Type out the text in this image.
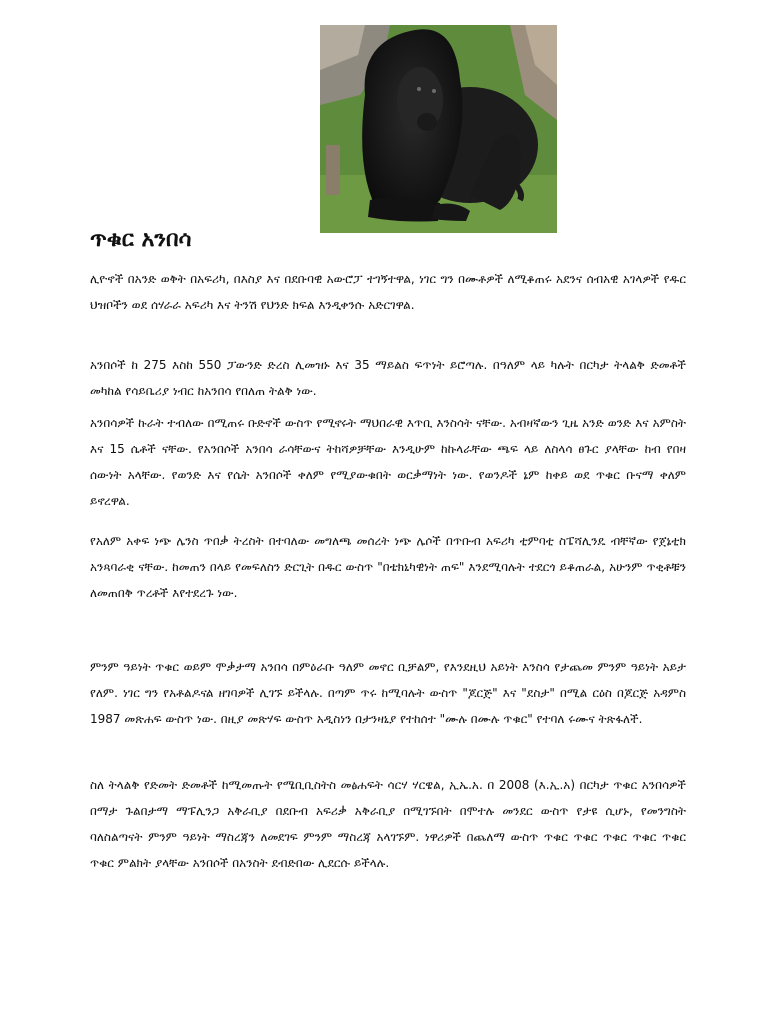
ጥቁር አንበሳ

ሊዮኖች በአንድ ወቅት በአፍሪካ, በእስያ እና በደቡባዊ አውሮፓ ተገኝተዋል, ነገር ግን በሙቶዎች ለሚቆጠሩ አደንና ሰብአዊ አገላዎች የዱር ህዝቦችን ወደ ሰሃራራ አፍሪካ እና ትንሽ የህንድ ክፍል እንዲቀንሱ አድርገዋል.

አንበሶች ከ 275 እስከ 550 ፓውንድ ድረስ ሊመዝኑ እና 35 ማይልስ ፍጥነት ይሮጣሉ. በዓለም ላይ ካሉት በርካታ ትላልቅ ድመቶች መካከል የሳይቤሪያ ነብር ከአንበሳ የበለጠ ትልቅ ነው.

አንበሳዎች ኩራት ተብለው በሚጠሩ ቡድኖች ውስጥ የሚኖሩት ማህበራዊ እጥቢ እንስሳት ናቸው. አብዛኛውን ጊዜ አንድ ወንድ እና አምስት እና 15 ሴቶች ናቸው. የአንበሶች አንበሳ ራሳቸውና ትከሻዎቻቸው እንዲሁም ከኩላራቸው ጫፍ ላይ ለስላሳ ፀጉር ያላቸው ከብ የበዛ ሰውነት አላቸው. የወንድ እና የሴት አንበሶች ቀለም የሚያውቁበት ወርቃማነት ነው. የወንዶች ኔም ከቀይ ወደ ጥቁር ቡናማ ቀለም ይኖረዋል.

የአለም አቀፍ ነጭ ሌንስ ጥበቃ ትረስት በተባለው መግለጫ መሰረት ነጭ ሌሶች በጥቡብ አፍሪካ ቲምባቲ ስፔሻሊንዴ ብቸኛው የጀኔቲክ አንጻባራቂ ናቸው. ከመጠን በላይ የመፍለስን ድርጊት በዱር ውስጥ "በቴክኒካዊነት ጠፍ" እንደሚባሉት ተደርጎ ይቆጠራል, አሁንም ጥቂቶቹን ለመጠበቅ ጥረቶች እየተደረጉ ነው.

ምንም ዓይነት ጥቁር ወይም ሞቃታማ አንበሳ በምዕራቡ ዓለም መኖር ቢቻልም, የእንደዚህ አይነት እንስሳ የታጨመ ምንም ዓይነት አይታ የለም. ነገር ግን የአቶልዶናል ዘገባዎች ሊገኙ ይችላሉ. በጣም ጥሩ ከሚባሉት ውስጥ "ጆርጅ" እና "ደስታ" በሚል ርዕስ በጆርጅ አዳምስ 1987 መጽሐፍ ውስጥ ነው. በዚያ መጽሃፍ ውስጥ አዲስነን በታንዛኒያ የተከሰተ "ሙሉ በሙሉ ጥቁር" የተባለ ሩሙና ትጽፋለች.

ስለ ትላልቅ የድመት ድመቶች ከሚመጡት የሜቢቢስትስ መፅሐፍት ሳርሃ ሃርዌል, ኢኤ.አ. በ 2008 (እ.ኢ.አ) በርካታ ጥቁር አንበሳዎች በማታ ጉልበታማ ማፑሊንጋ አቅራቢያ በደቡብ አፍሪቃ አቅራቢያ በሚገኙበት በሞተሉ መንደር ውስጥ የታዩ ሲሆኑ, የመንግስት ባለስልጣናት ምንም ዓይነት ማስረጃን ለመደገፍ ምንም ማስረጃ አላገኙም. ነዋሪዎች በጨለማ ውስጥ ጥቁር ጥቁር ጥቁር ጥቁር ጥቁር ጥቁር ምልክት ያላቸው አንበሶች በአንስት ደብድበው ሊደርሱ ይችላሉ.
